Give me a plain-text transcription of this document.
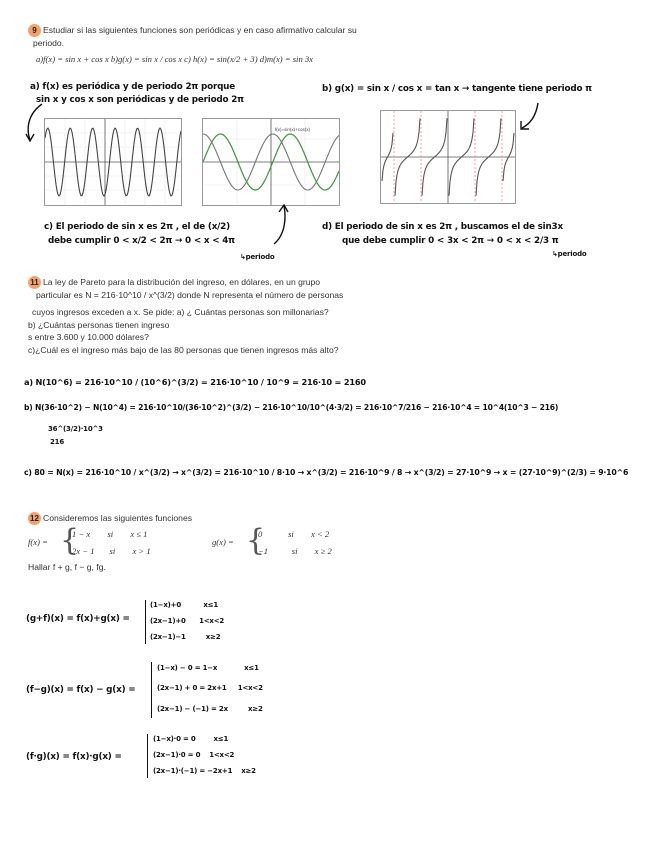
9 Estudiar si las siguientes funciones son periódicas y en caso afirmativo calcular su
periodo.
a)f(x) = sin x + cos x b)g(x) = sin x / cos x c) h(x) = sin(x/2 + 3) d)m(x) = sin 3x
a) f(x) es periódica y de periodo 2π porque
sin x y cos x son periódicas y de periodo 2π
b) g(x) = sin x / cos x = tan x → tangente tiene periodo π
f(x)=sin(x)+cos(x)
c) El periodo de sin x es 2π , el de (x/2)
debe cumplir 0 < x/2 < 2π → 0 < x < 4π
↳periodo
d) El periodo de sin x es 2π , buscamos el de sin3x
que debe cumplir 0 < 3x < 2π → 0 < x < 2/3 π
↳periodo
11 La ley de Pareto para la distribución del ingreso, en dólares, en un grupo
particular es N = 216·10^10 / x^(3/2) donde N representa el número de personas
cuyos ingresos exceden a x. Se pide: a) ¿ Cuántas personas son millonarias?
b) ¿Cuántas personas tienen ingreso
s entre 3.600 y 10.000 dólares?
c)¿Cuál es el ingreso más bajo de las 80 personas que tienen ingresos más alto?
a) N(10^6) = 216·10^10 / (10^6)^(3/2) = 216·10^10 / 10^9 = 216·10 = 2160
b) N(36·10^2) − N(10^4) = 216·10^10/(36·10^2)^(3/2) − 216·10^10/10^(4·3/2) = 216·10^7/216 − 216·10^4 = 10^4(10^3 − 216)
36^(3/2)·10^3
216
c) 80 = N(x) = 216·10^10 / x^(3/2) → x^(3/2) = 216·10^10 / 8·10 → x^(3/2) = 216·10^9 / 8 → x^(3/2) = 27·10^9 → x = (27·10^9)^(2/3) = 9·10^6
12 Consideremos las siguientes funciones
f(x) = {
1 − x        si        x ≤ 1
2x − 1       si        x > 1
g(x) = {
0            si        x < 2
−1           si        x ≥ 2
Hallar f + g, f − g, fg.
(g+f)(x) = f(x)+g(x) =
(1−x)+0          x≤1
(2x−1)+0      1<x<2
(2x−1)−1         x≥2
(f−g)(x) = f(x) − g(x) =
(1−x) − 0 = 1−x            x≤1
(2x−1) + 0 = 2x+1     1<x<2
(2x−1) − (−1) = 2x         x≥2
(f·g)(x) = f(x)·g(x) =
(1−x)·0 = 0        x≤1
(2x−1)·0 = 0    1<x<2
(2x−1)·(−1) = −2x+1    x≥2
